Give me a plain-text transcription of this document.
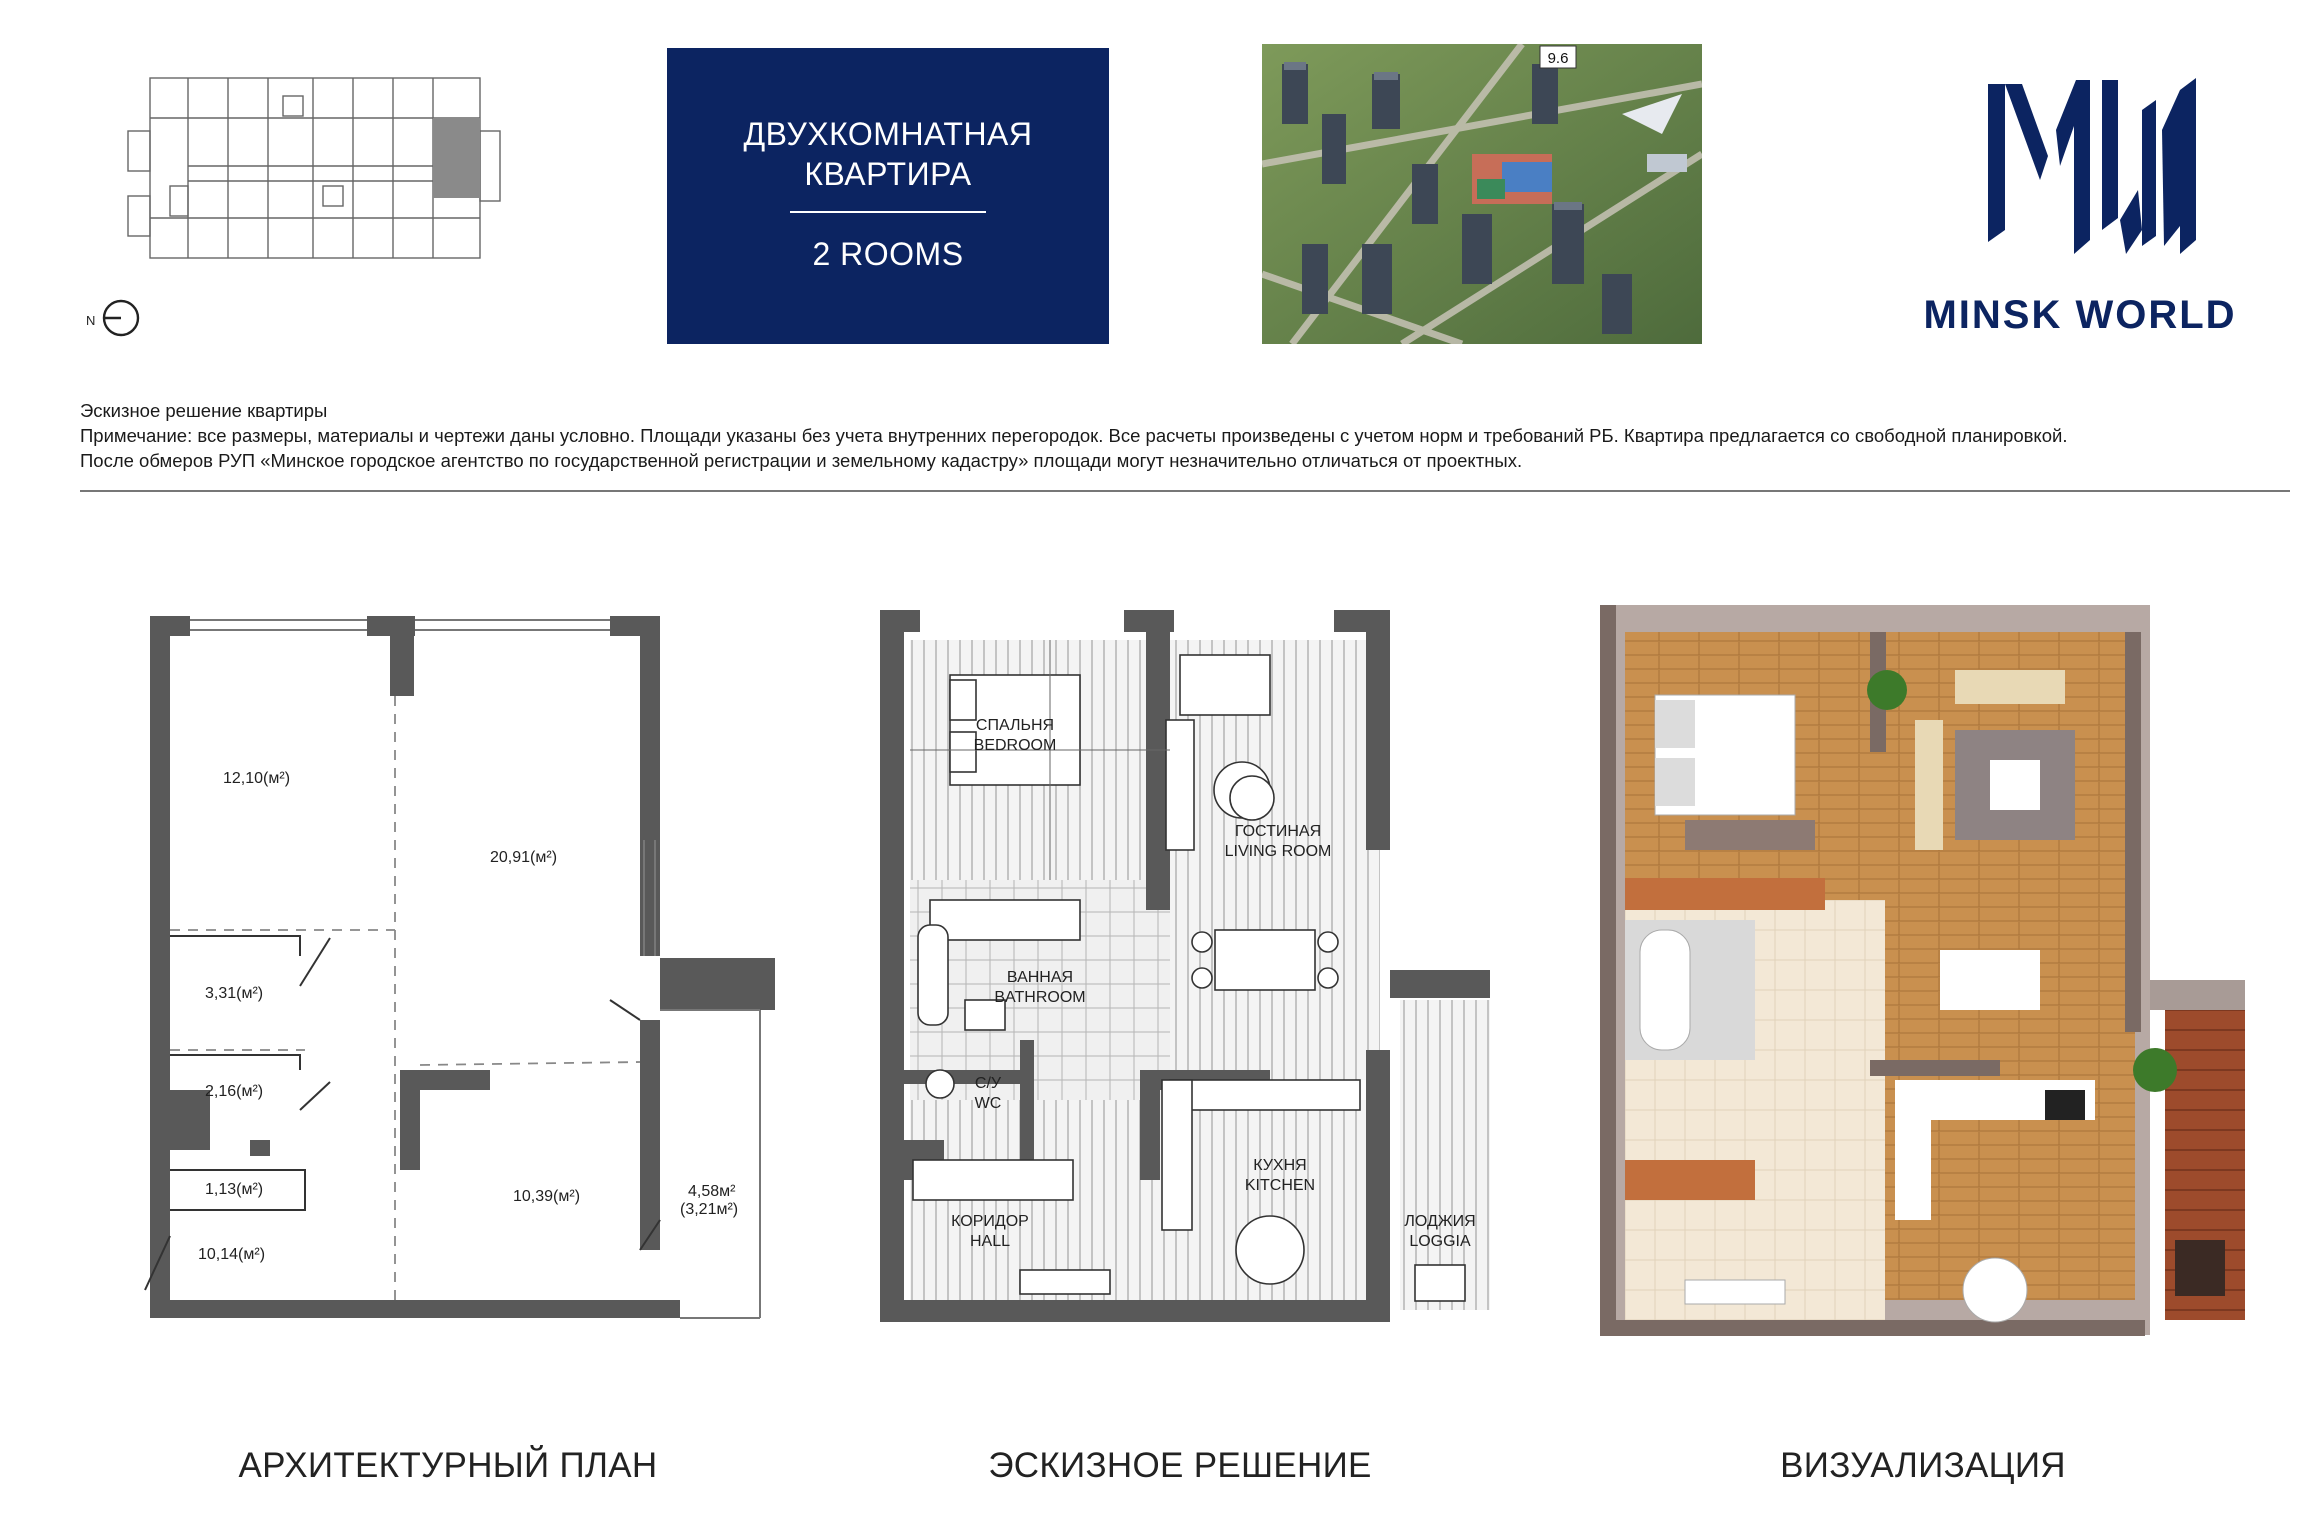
N
ДВУХКОМНАТНАЯ
КВАРТИРА
2 ROOMS
9.6
MINSK WORLD
Эскизное решение квартиры
Примечание: все размеры, материалы и чертежи даны условно. Площади указаны без учета внутренних перегородок. Все расчеты произведены с учетом норм и требований РБ. Квартира предлагается со свободной планировкой.
После обмеров РУП «Минское городское агентство по государственной регистрации и земельному кадастру» площади могут незначительно отличаться от проектных.
12,10(м²)
20,91(м²)
3,31(м²)
2,16(м²)
1,13(м²)
10,14(м²)
10,39(м²)	4,58м²
(3,21м²)
СПАЛЬНЯ
BEDROOM
ГОСТИНАЯ
LIVING ROOM
ВАННАЯ
BATHROOM
С/У
WC
КУХНЯ
KITCHEN
КОРИДОР
HALL
ЛОДЖИЯ
LOGGIA
АРХИТЕКТУРНЫЙ ПЛАН	ЭСКИЗНОЕ РЕШЕНИЕ	ВИЗУАЛИЗАЦИЯ
